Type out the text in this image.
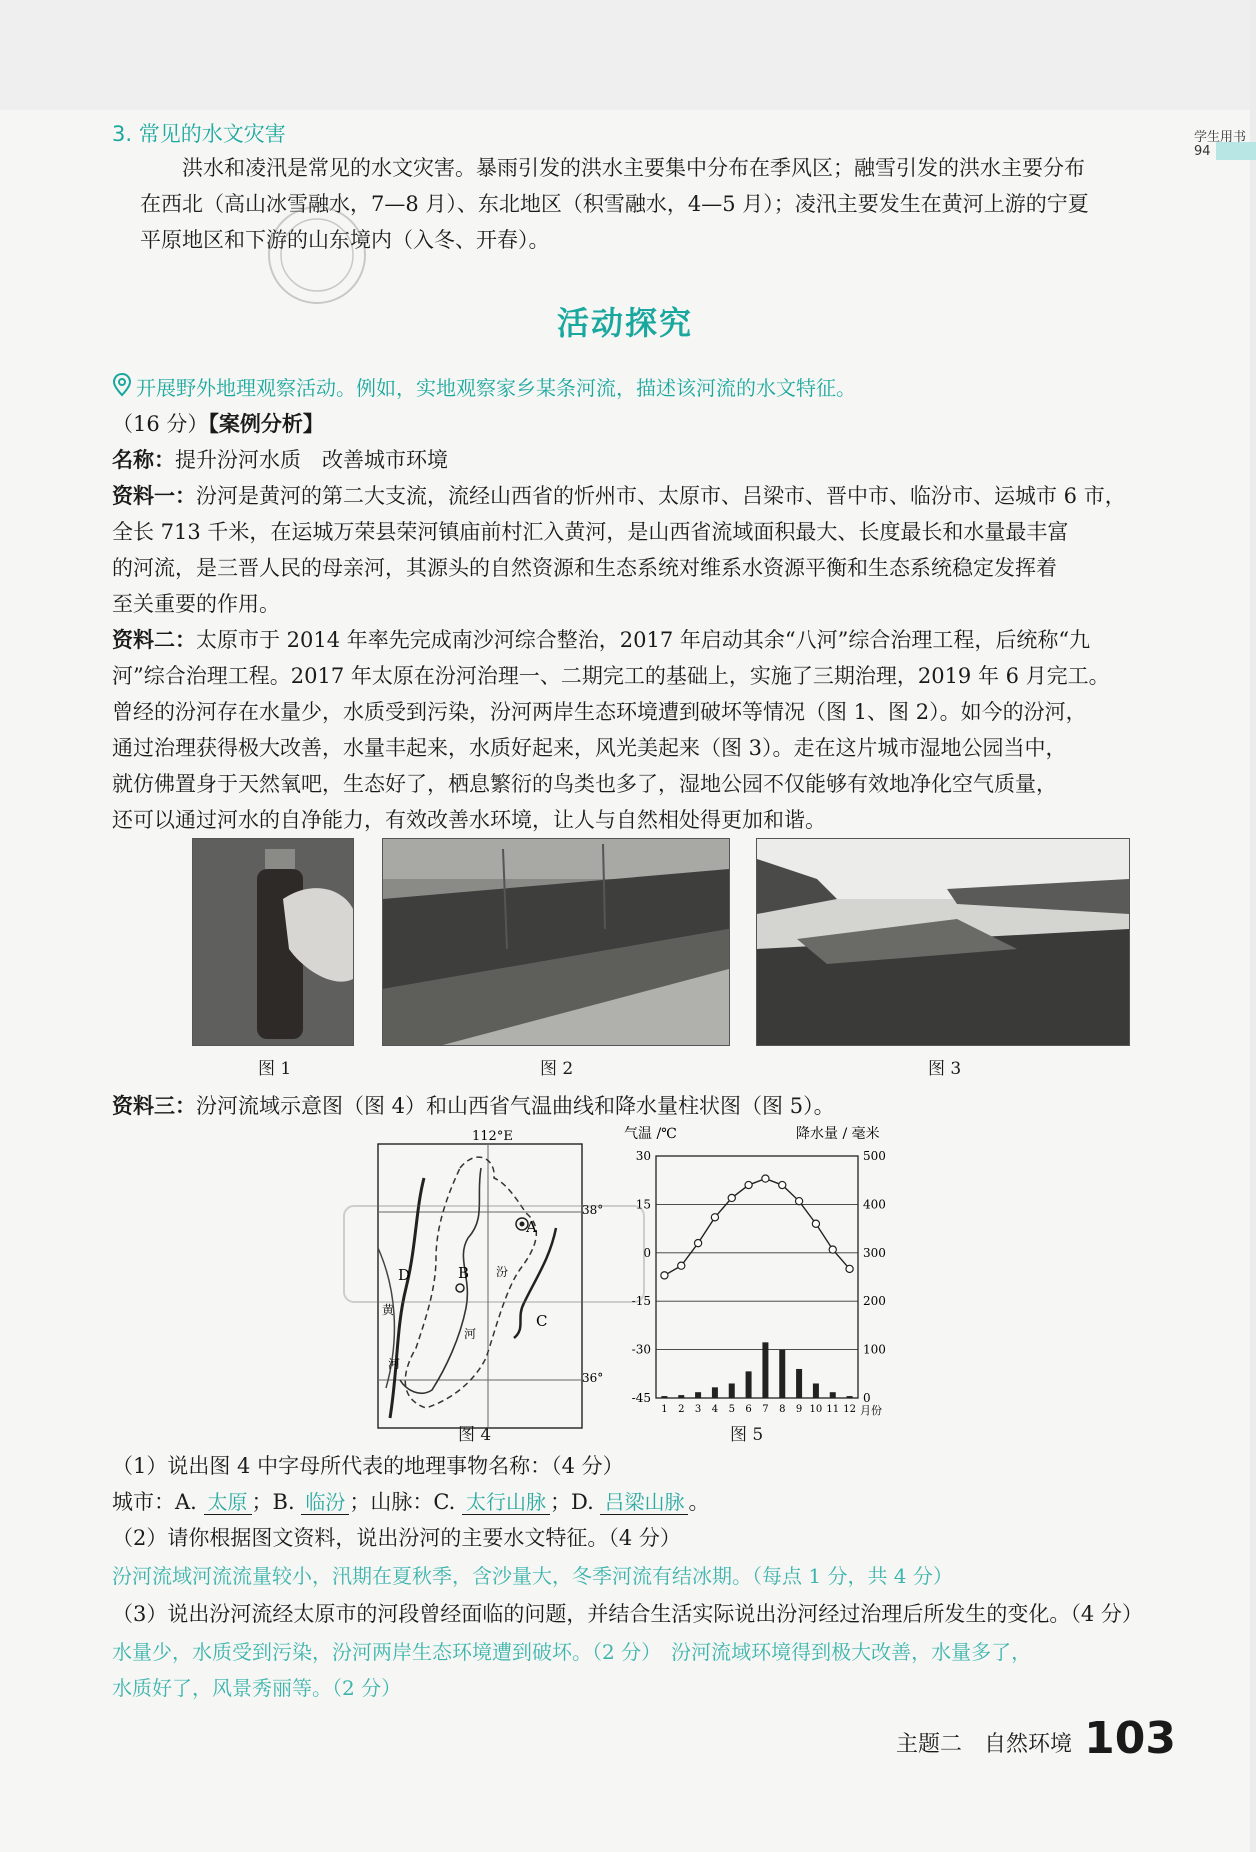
学生用书
94
3. 常见的水文灾害
洪水和凌汛是常见的水文灾害。暴雨引发的洪水主要集中分布在季风区；融雪引发的洪水主要分布
在西北（高山冰雪融水，7—8 月）、东北地区（积雪融水，4—5 月）；凌汛主要发生在黄河上游的宁夏
平原地区和下游的山东境内（入冬、开春）。
活动探究
开展野外地理观察活动。例如，实地观察家乡某条河流，描述该河流的水文特征。
（16 分）【案例分析】
名称：提升汾河水质　改善城市环境
资料一：汾河是黄河的第二大支流，流经山西省的忻州市、太原市、吕梁市、晋中市、临汾市、运城市 6 市，
全长 713 千米，在运城万荣县荣河镇庙前村汇入黄河，是山西省流域面积最大、长度最长和水量最丰富
的河流，是三晋人民的母亲河，其源头的自然资源和生态系统对维系水资源平衡和生态系统稳定发挥着
至关重要的作用。
资料二：太原市于 2014 年率先完成南沙河综合整治，2017 年启动其余“八河”综合治理工程，后统称“九
河”综合治理工程。2017 年太原在汾河治理一、二期完工的基础上，实施了三期治理，2019 年 6 月完工。
曾经的汾河存在水量少，水质受到污染，汾河两岸生态环境遭到破坏等情况（图 1、图 2）。如今的汾河，
通过治理获得极大改善，水量丰起来，水质好起来，风光美起来（图 3）。走在这片城市湿地公园当中，
就仿佛置身于天然氧吧，生态好了，栖息繁衍的鸟类也多了，湿地公园不仅能够有效地净化空气质量，
还可以通过河水的自净能力，有效改善水环境，让人与自然相处得更加和谐。
图 1	图 2	图 3
资料三：汾河流域示意图（图 4）和山西省气温曲线和降水量柱状图（图 5）。
112°E
38°
36°
A
B
C
D
黄
河
汾
河
图 4
气温 /℃	降水量 / 毫米
30
15
0
-15
-30
-45
500
400
300
200
100
0
1 2 3 4 5 6 7 8 9 10 11 12 月份
图 5
（1）说出图 4 中字母所代表的地理事物名称：（4 分）
城市：A. 太原 ；B. 临汾 ；山脉：C. 太行山脉 ；D. 吕梁山脉 。
（2）请你根据图文资料，说出汾河的主要水文特征。（4 分）
汾河流域河流流量较小，汛期在夏秋季，含沙量大，冬季河流有结冰期。（每点 1 分，共 4 分）
（3）说出汾河流经太原市的河段曾经面临的问题，并结合生活实际说出汾河经过治理后所发生的变化。（4 分）
水量少，水质受到污染，汾河两岸生态环境遭到破坏。（2 分）　汾河流域环境得到极大改善，水量多了，
水质好了，风景秀丽等。（2 分）
主题二　自然环境 103
